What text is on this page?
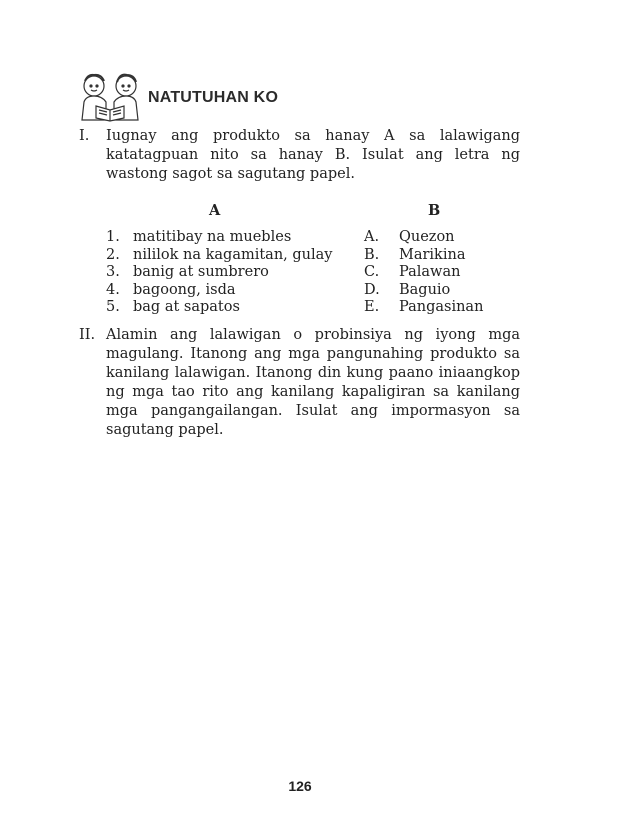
NATUTUHAN KO
I. Iugnay ang produkto sa hanay A sa lalawigang katatagpuan nito sa hanay B. Isulat ang letra ng wastong sagot sa sagutang papel.
A	B
1. matitibay na muebles
2. nililok na kagamitan, gulay
3. banig at sumbrero
4. bagoong, isda
5. bag at sapatos
A. Quezon
B. Marikina
C. Palawan
D. Baguio
E. Pangasinan
II. Alamin ang lalawigan o probinsiya ng iyong mga magulang. Itanong ang mga pangunahing produkto sa kanilang lalawigan. Itanong din kung paano iniaangkop ng mga tao rito ang kanilang kapaligiran sa kanilang mga pangangailangan. Isulat ang impormasyon sa sagutang papel.
126
